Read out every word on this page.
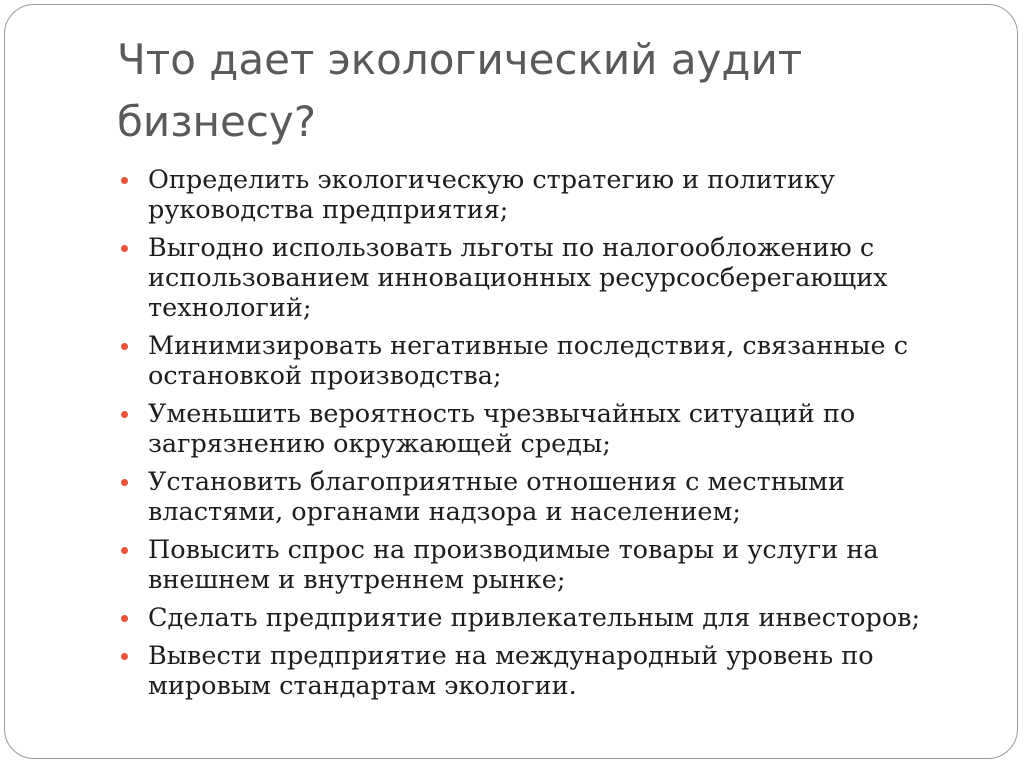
Что дает экологический аудит бизнесу?
Определить экологическую стратегию и политику руководства предприятия;
Выгодно использовать льготы по налогообложению с использованием инновационных ресурсосберегающих технологий;
Минимизировать негативные последствия, связанные с остановкой производства;
Уменьшить вероятность чрезвычайных ситуаций по загрязнению окружающей среды;
Установить благоприятные отношения с местными властями, органами надзора и населением;
Повысить спрос на производимые товары и услуги на внешнем и внутреннем рынке;
Сделать предприятие привлекательным для инвесторов;
Вывести предприятие на международный уровень по мировым стандартам экологии.
